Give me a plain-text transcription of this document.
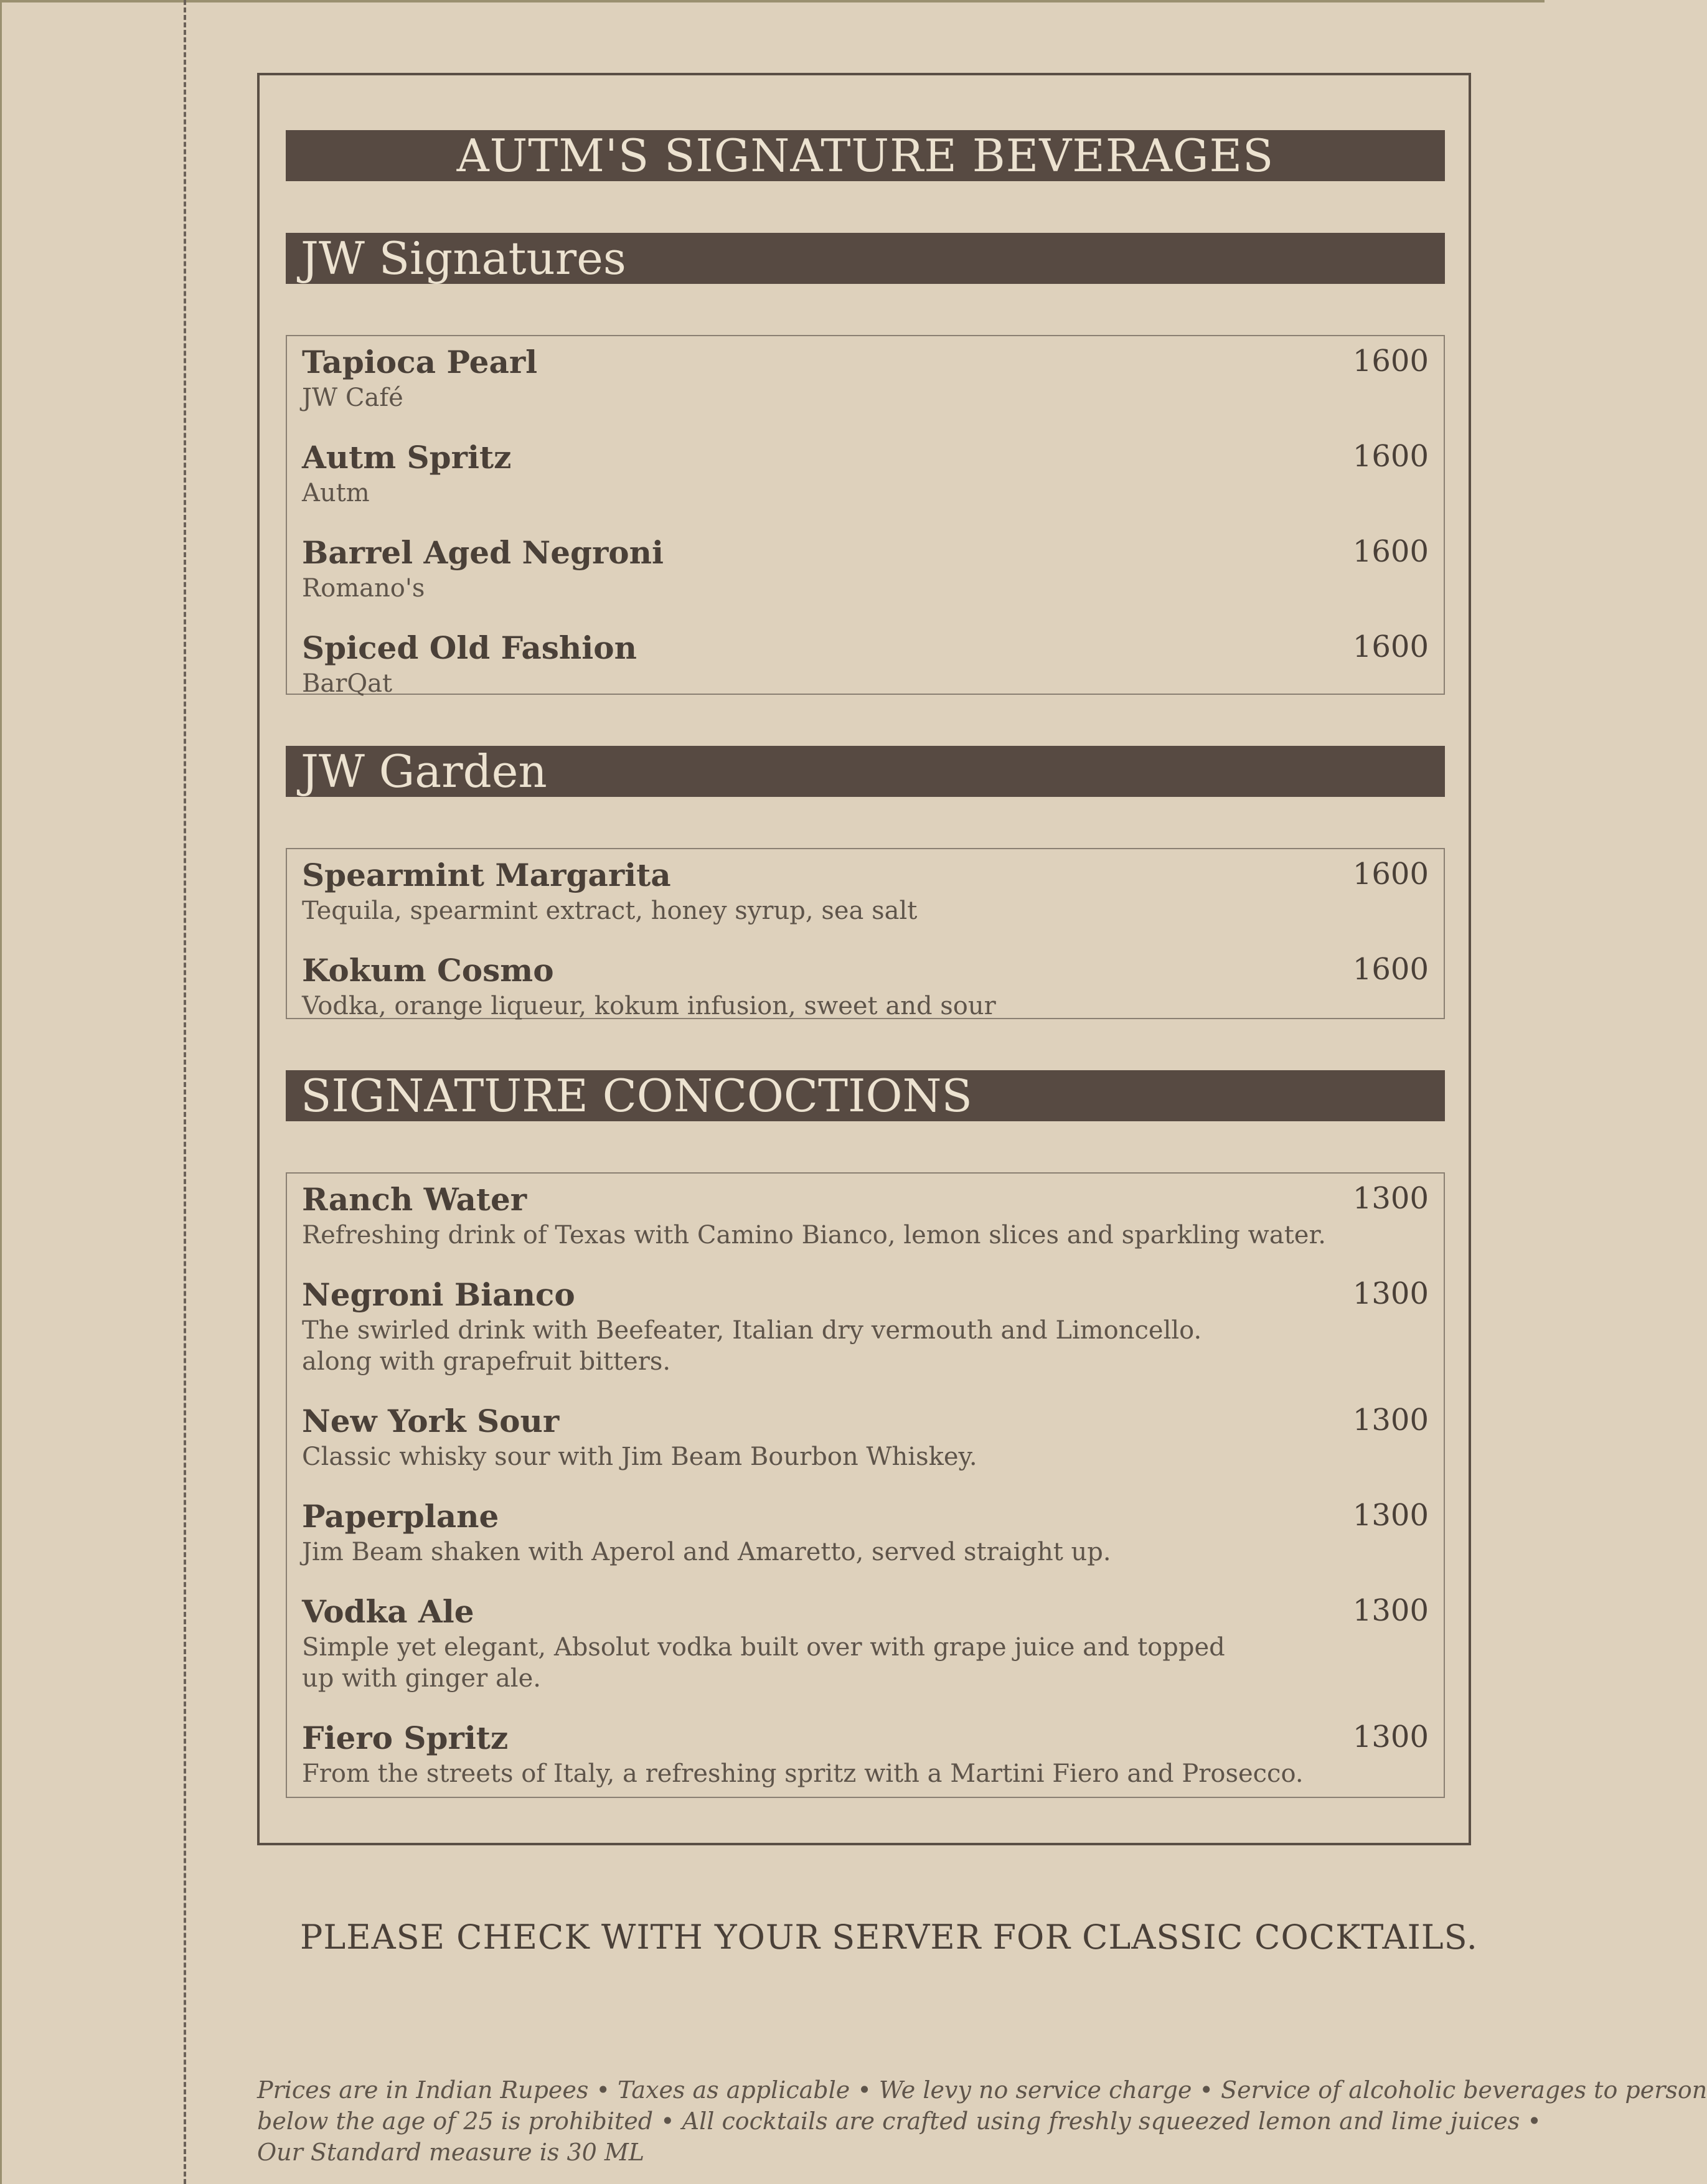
AUTM'S SIGNATURE BEVERAGES
JW Signatures
Tapioca Pearl	1600
JW Café
Autm Spritz	1600
Autm
Barrel Aged Negroni	1600
Romano's
Spiced Old Fashion	1600
BarQat
JW Garden
Spearmint Margarita	1600
Tequila, spearmint extract, honey syrup, sea salt
Kokum Cosmo	1600
Vodka, orange liqueur, kokum infusion, sweet and sour
SIGNATURE CONCOCTIONS
Ranch Water	1300
Refreshing drink of Texas with Camino Bianco, lemon slices and sparkling water.
Negroni Bianco	1300
The swirled drink with Beefeater, Italian dry vermouth and Limoncello.
along with grapefruit bitters.
New York Sour	1300
Classic whisky sour with Jim Beam Bourbon Whiskey.
Paperplane	1300
Jim Beam shaken with Aperol and Amaretto, served straight up.
Vodka Ale	1300
Simple yet elegant, Absolut vodka built over with grape juice and topped
up with ginger ale.
Fiero Spritz	1300
From the streets of Italy, a refreshing spritz with a Martini Fiero and Prosecco.
PLEASE CHECK WITH YOUR SERVER FOR CLASSIC COCKTAILS.
Prices are in Indian Rupees • Taxes as applicable • We levy no service charge • Service of alcoholic beverages to person
below the age of 25 is prohibited • All cocktails are crafted using freshly squeezed lemon and lime juices •
Our Standard measure is 30 ML
